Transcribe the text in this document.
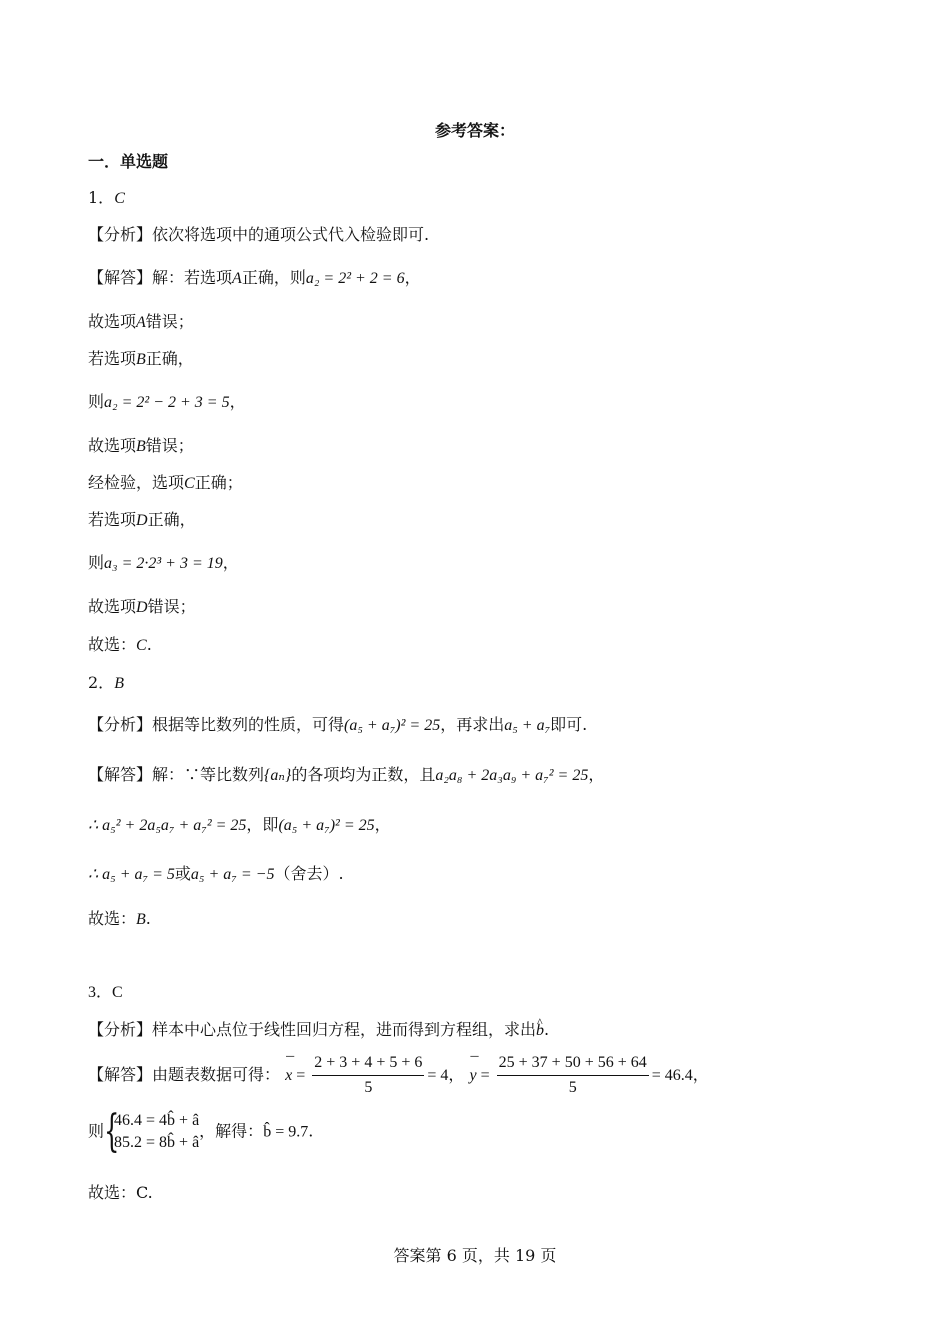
参考答案：
一．单选题
1．C
【分析】依次将选项中的通项公式代入检验即可.
【解答】解：若选项A正确，则a₂ = 2² + 2 = 6，
故选项A错误；
若选项B正确，
则a₂ = 2² − 2 + 3 = 5，
故选项B错误；
经检验，选项C正确；
若选项D正确，
则a₃ = 2·2³ + 3 = 19，
故选项D错误；
故选：C.
2．B
【分析】根据等比数列的性质，可得(a₅ + a₇)² = 25，再求出a₅ + a₇即可.
【解答】解：∵等比数列{aₙ}的各项均为正数，且a₂a₈ + 2a₃a₉ + a₇² = 25，
∴ a₅² + 2a₅a₇ + a₇² = 25，即(a₅ + a₇)² = 25，
∴ a₅ + a₇ = 5或a₅ + a₇ = −5（舍去）.
故选：B.
3．C
【分析】样本中心点位于线性回归方程，进而得到方程组，求出^ b.
【解答】由题表数据可得： ¯ $x = \frac{2 + 3 + 4 + 5 + 6}{5} = 4$， ¯ $y = \frac{25 + 37 + 50 + 56 + 64}{5} = 46.4$，
则 {
46.4 = 4b̂ + â
85.2 = 8b̂ + â
，解得：b̂ = 9.7.
故选：C.
答案第 6 页，共 19 页
